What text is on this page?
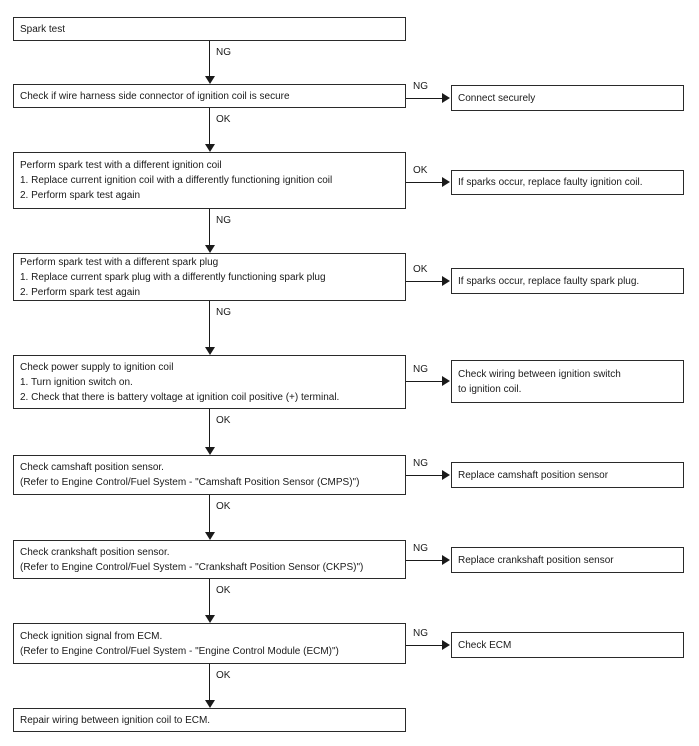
Spark test
NG
Check if wire harness side connector of ignition coil is secure
NG
Connect securely
OK
Perform spark test with a different ignition coil
1. Replace current ignition coil with a differently functioning ignition coil
2. Perform spark test again
OK
If sparks occur, replace faulty ignition coil.
NG
Perform spark test with a different spark plug
1. Replace current spark plug with a differently functioning spark plug
2. Perform spark test again
OK
If sparks occur, replace faulty spark plug.
NG
Check power supply to ignition coil
1. Turn ignition switch on.
2. Check that there is battery voltage at ignition coil positive (+) terminal.
NG	Check wiring between ignition switch
to ignition coil.
OK
Check camshaft position sensor.
(Refer to Engine Control/Fuel System - "Camshaft Position Sensor (CMPS)")
NG
Replace camshaft position sensor
OK
Check crankshaft position sensor.
(Refer to Engine Control/Fuel System - "Crankshaft Position Sensor (CKPS)")
NG
Replace crankshaft position sensor
OK
Check ignition signal from ECM.
(Refer to Engine Control/Fuel System - "Engine Control Module (ECM)")
NG
Check ECM
OK
Repair wiring between ignition coil to ECM.
